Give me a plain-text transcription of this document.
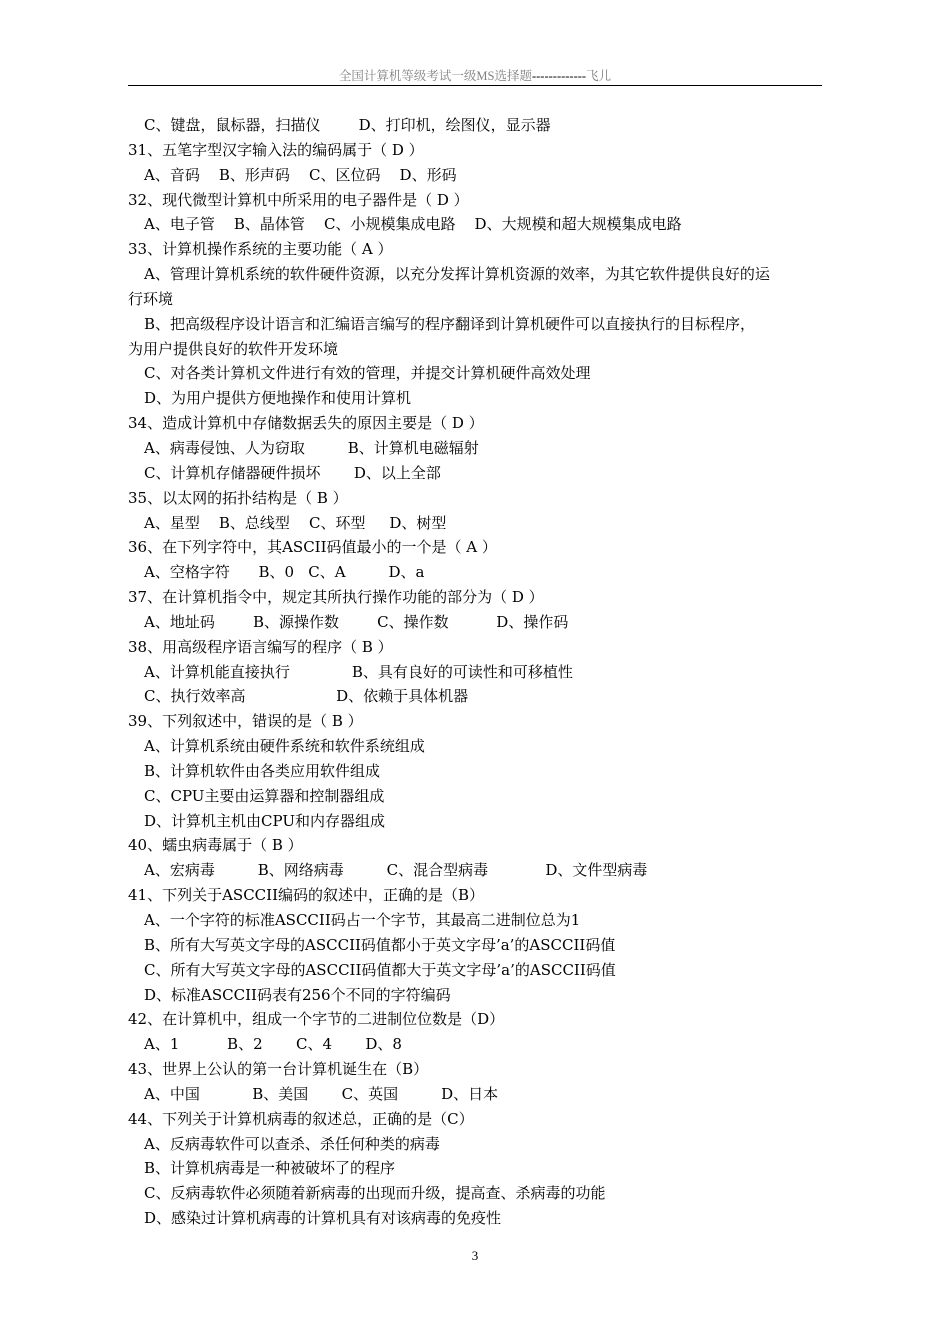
全国计算机等级考试一级MS选择题-------------飞儿
C、键盘，鼠标器，扫描仪        D、打印机，绘图仪，显示器
31、五笔字型汉字输入法的编码属于（ D ）
A、音码    B、形声码    C、区位码    D、形码
32、现代微型计算机中所采用的电子器件是（ D ）
A、电子管    B、晶体管    C、小规模集成电路    D、大规模和超大规模集成电路
33、计算机操作系统的主要功能（ A ）
A、管理计算机系统的软件硬件资源，以充分发挥计算机资源的效率，为其它软件提供良好的运
行环境
B、把高级程序设计语言和汇编语言编写的程序翻译到计算机硬件可以直接执行的目标程序，
为用户提供良好的软件开发环境
C、对各类计算机文件进行有效的管理，并提交计算机硬件高效处理
D、为用户提供方便地操作和使用计算机
34、造成计算机中存储数据丢失的原因主要是（ D ）
A、病毒侵蚀、人为窃取         B、计算机电磁辐射
C、计算机存储器硬件损坏       D、以上全部
35、以太网的拓扑结构是（ B ）
A、星型    B、总线型    C、环型     D、树型
36、在下列字符中，其ASCII码值最小的一个是（ A ）
A、空格字符      B、0   C、A         D、a
37、在计算机指令中，规定其所执行操作功能的部分为（ D ）
A、地址码        B、源操作数        C、操作数          D、操作码
38、用高级程序语言编写的程序（ B ）
A、计算机能直接执行             B、具有良好的可读性和可移植性
C、执行效率高                   D、依赖于具体机器
39、下列叙述中，错误的是（ B ）
A、计算机系统由硬件系统和软件系统组成
B、计算机软件由各类应用软件组成
C、CPU主要由运算器和控制器组成
D、计算机主机由CPU和内存器组成
40、蠕虫病毒属于（ B ）
A、宏病毒         B、网络病毒         C、混合型病毒            D、文件型病毒
41、下列关于ASCCII编码的叙述中，正确的是（B）
A、一个字符的标准ASCCII码占一个字节，其最高二进制位总为1
B、所有大写英文字母的ASCCII码值都小于英文字母’a’的ASCCII码值
C、所有大写英文字母的ASCCII码值都大于英文字母’a’的ASCCII码值
D、标准ASCCII码表有256个不同的字符编码
42、在计算机中，组成一个字节的二进制位位数是（D）
A、1          B、2       C、4       D、8
43、世界上公认的第一台计算机诞生在（B）
A、中国           B、美国       C、英国         D、日本
44、下列关于计算机病毒的叙述总，正确的是（C）
A、反病毒软件可以查杀、杀任何种类的病毒
B、计算机病毒是一种被破坏了的程序
C、反病毒软件必须随着新病毒的出现而升级，提高查、杀病毒的功能
D、感染过计算机病毒的计算机具有对该病毒的免疫性
3
